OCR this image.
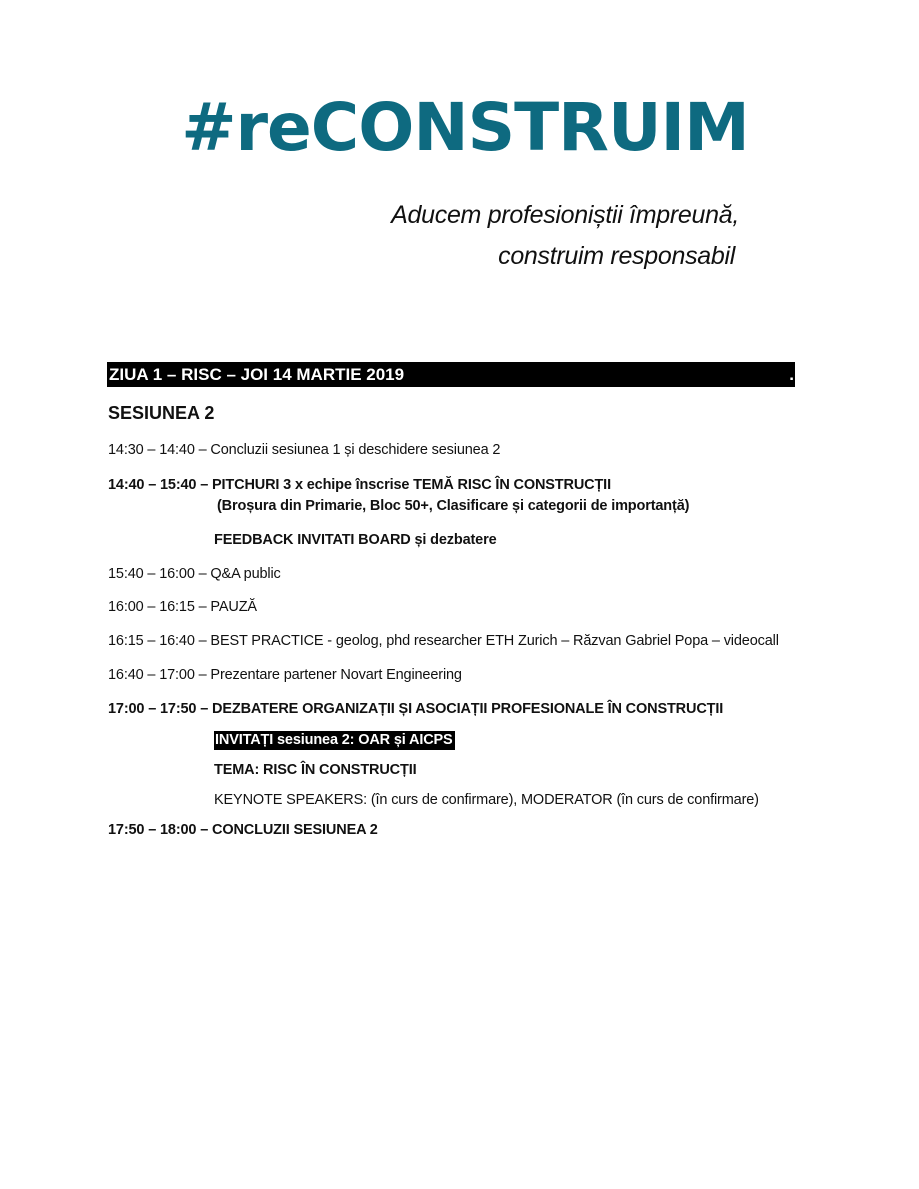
#reCONSTRUIM
Aducem profesioniștii împreună,
construim responsabil
ZIUA 1 – RISC – JOI 14 MARTIE 2019	.
SESIUNEA 2
14:30 – 14:40 – Concluzii sesiunea 1 și deschidere sesiunea 2
14:40 – 15:40 – PITCHURI 3 x echipe înscrise TEMĂ RISC ÎN CONSTRUCȚII
(Broșura din Primarie, Bloc 50+, Clasificare și categorii de importanță)
FEEDBACK INVITATI BOARD și dezbatere
15:40 – 16:00 – Q&A public
16:00 – 16:15 – PAUZĂ
16:15 – 16:40 – BEST PRACTICE - geolog, phd researcher ETH Zurich – Răzvan Gabriel Popa – videocall
16:40 – 17:00 – Prezentare partener Novart Engineering
17:00 – 17:50 – DEZBATERE ORGANIZAȚII ȘI ASOCIAȚII PROFESIONALE ÎN CONSTRUCȚII
INVITAȚI sesiunea 2: OAR și AICPS
TEMA: RISC ÎN CONSTRUCȚII
KEYNOTE SPEAKERS: (în curs de confirmare), MODERATOR (în curs de confirmare)
17:50 – 18:00 – CONCLUZII SESIUNEA 2
